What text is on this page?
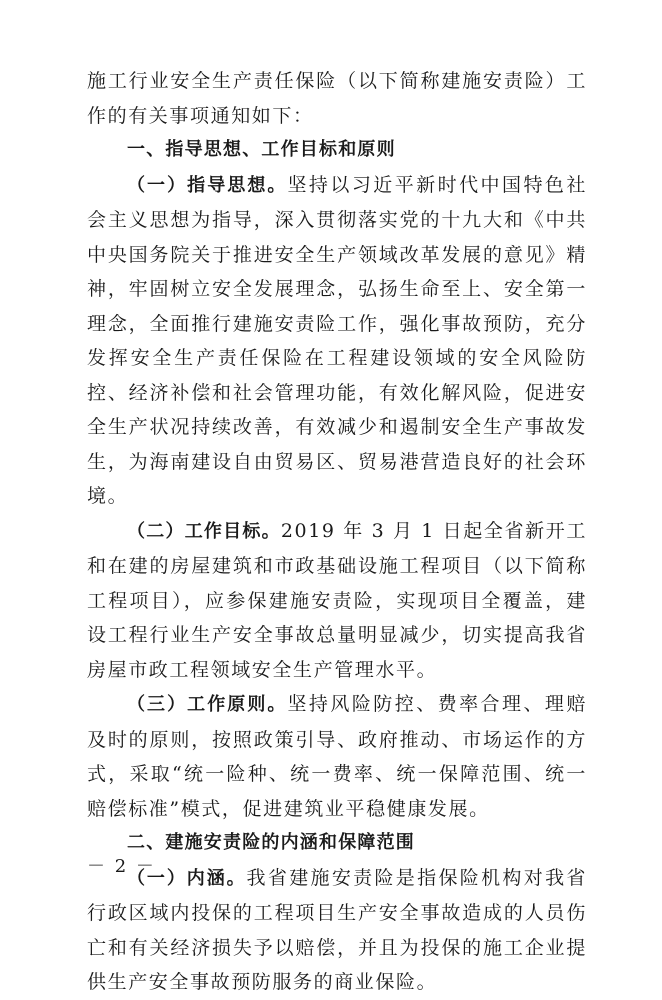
施工行业安全生产责任保险（以下简称建施安责险）工作的有关事项通知如下：

一、指导思想、工作目标和原则

（一）指导思想。坚持以习近平新时代中国特色社会主义思想为指导，深入贯彻落实党的十九大和《中共中央国务院关于推进安全生产领域改革发展的意见》精神，牢固树立安全发展理念，弘扬生命至上、安全第一理念，全面推行建施安责险工作，强化事故预防，充分发挥安全生产责任保险在工程建设领域的安全风险防控、经济补偿和社会管理功能，有效化解风险，促进安全生产状况持续改善，有效减少和遏制安全生产事故发生，为海南建设自由贸易区、贸易港营造良好的社会环境。

（二）工作目标。2019 年 3 月 1 日起全省新开工和在建的房屋建筑和市政基础设施工程项目（以下简称工程项目），应参保建施安责险，实现项目全覆盖，建设工程行业生产安全事故总量明显减少，切实提高我省房屋市政工程领域安全生产管理水平。

（三）工作原则。坚持风险防控、费率合理、理赔及时的原则，按照政策引导、政府推动、市场运作的方式，采取“统一险种、统一费率、统一保障范围、统一赔偿标准”模式，促进建筑业平稳健康发展。

二、建施安责险的内涵和保障范围

（一）内涵。我省建施安责险是指保险机构对我省行政区域内投保的工程项目生产安全事故造成的人员伤亡和有关经济损失予以赔偿，并且为投保的施工企业提供生产安全事故预防服务的商业保险。

－ 2 －
